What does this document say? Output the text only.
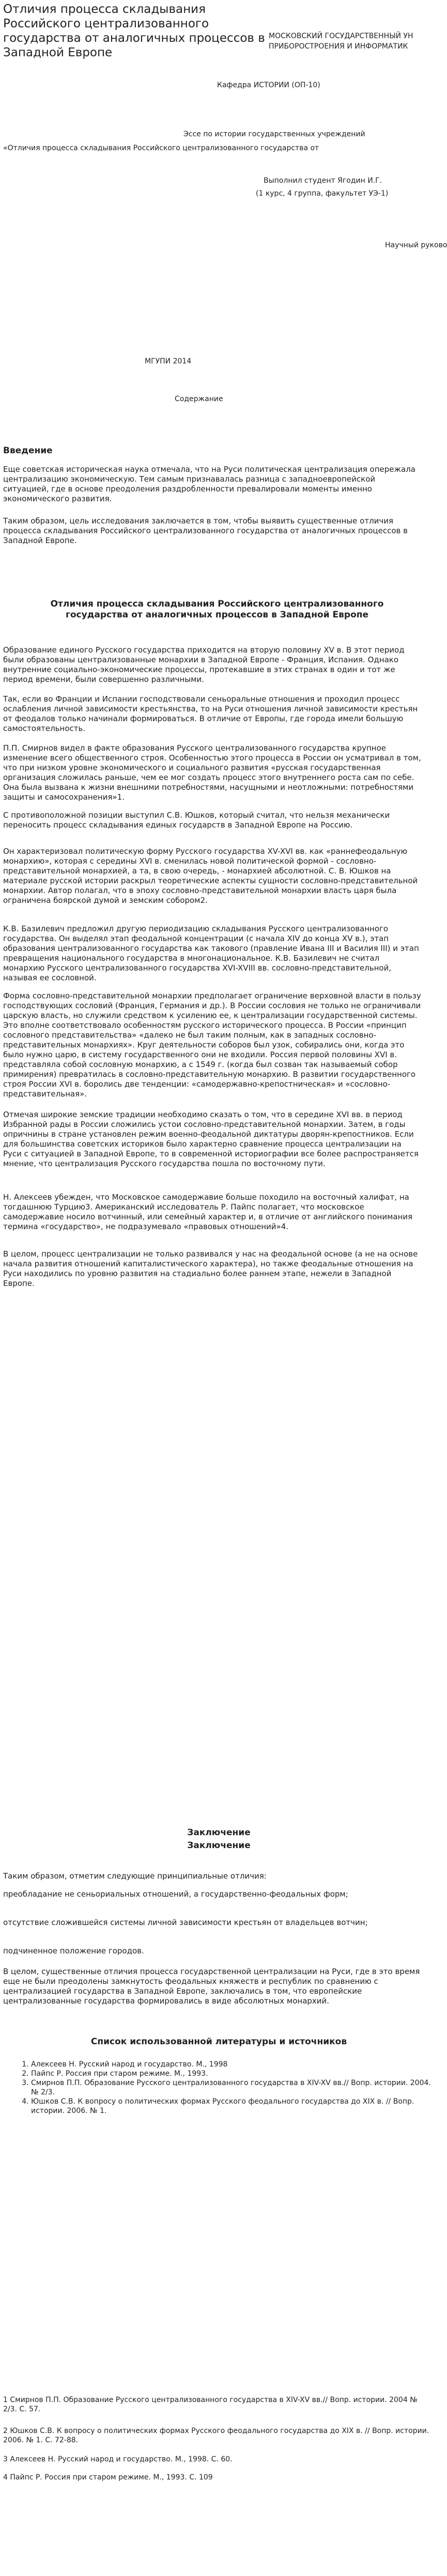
Отличия процесса складывания Российского централизованного государства от аналогичных процессов в Западной Европе
МОСКОВСКИЙ ГОСУДАРСТВЕННЫЙ УН
ПРИБОРОСТРОЕНИЯ И ИНФОРМАТИК
Кафедра ИСТОРИИ (ОП-10)
Эссе по истории государственных учреждений
«Отличия процесса складывания Российского централизованного государства от
Выполнил студент Ягодин И.Г.
(1 курс, 4 группа, факультет УЭ-1)
Научный руково
МГУПИ 2014
Содержание
Введение

Еще советская историческая наука отмечала, что на Руси политическая централизация опережала централизацию экономическую. Тем самым признавалась разница с западноевропейской ситуацией, где в основе преодоления раздробленности превалировали моменты именно экономического развития.

Таким образом, цель исследования заключается в том, чтобы выявить существенные отличия процесса складывания Российского централизованного государства от аналогичных процессов в Западной Европе.

Отличия процесса складывания Российского централизованного государства от аналогичных процессов в Западной Европе

Образование единого Русского государства приходится на вторую половину XV в. В этот период были образованы централизованные монархии в Западной Европе - Франция, Испания. Однако внутренние социально-экономические процессы, протекавшие в этих странах в один и тот же период времени, были совершенно различными.

Так, если во Франции и Испании господствовали сеньоральные отношения и проходил процесс ослабления личной зависимости крестьянства, то на Руси отношения личной зависимости крестьян от феодалов только начинали формироваться. В отличие от Европы, где города имели большую самостоятельность.

П.П. Смирнов видел в факте образования Русского централизованного государства крупное изменение всего общественного строя. Особенностью этого процесса в России он усматривал в том, что при низком уровне экономического и социального развития «русская государственная организация сложилась раньше, чем ее мог создать процесс этого внутреннего роста сам по себе. Она была вызвана к жизни внешними потребностями, насущными и неотложными: потребностями защиты и самосохранения»1.

С противоположной позиции выступил С.В. Юшков, который считал, что нельзя механически переносить процесс складывания единых государств в Западной Европе на Россию.

Он характеризовал политическую форму Русского государства XV-XVI вв. как «раннефеодальную монархию», которая с середины XVI в. сменилась новой политической формой - сословно-представительной монархией, а та, в свою очередь, - монархией абсолютной. С. В. Юшков на материале русской истории раскрыл теоретические аспекты сущности сословно-представительной монархии. Автор полагал, что в эпоху сословно-представительной монархии власть царя была ограничена боярской думой и земским собором2.

К.В. Базилевич предложил другую периодизацию складывания Русского централизованного государства. Он выделял этап феодальной концентрации (с начала XIV до конца XV в.), этап образования централизованного государства как такового (правление Ивана III и Василия III) и этап превращения национального государства в многонациональное. К.В. Базилевич не считал монархию Русского централизованного государства XVI-XVIII вв. сословно-представительной, называя ее сословной.

Форма сословно-представительной монархии предполагает ограничение верховной власти в пользу господствующих сословий (Франция, Германия и др.). В России сословия не только не ограничивали царскую власть, но служили средством к усилению ее, к централизации государственной системы. Это вполне соответствовало особенностям русского исторического процесса. В России «принцип сословного представительства» «далеко не был таким полным, как в западных сословно-представительных монархиях». Круг деятельности соборов был узок, собирались они, когда это было нужно царю, в систему государственного они не входили. Россия первой половины XVI в. представляла собой сословную монархию, а с 1549 г. (когда был созван так называемый собор примирения) превратилась в сословно-представительную монархию. В развитии государственного строя России XVI в. боролись две тенденции: «самодержавно-крепостническая» и «сословно-представительная».

Отмечая широкие земские традиции необходимо сказать о том, что в середине XVI вв. в период Избранной рады в России сложились устои сословно-представительной монархии. Затем, в годы опричнины в стране установлен режим военно-феодальной диктатуры дворян-крепостников. Если для большинства советских историков было характерно сравнение процесса централизации на Руси с ситуацией в Западной Европе, то в современной историографии все более распространяется мнение, что централизация Русского государства пошла по восточному пути.

Н. Алексеев убежден, что Московское самодержавие больше походило на восточный халифат, на тогдашнюю Турцию3. Американский исследователь Р. Пайпс полагает, что московское самодержавие носило вотчинный, или семейный характер и, в отличие от английского понимания термина «государство», не подразумевало «правовых отношений»4.

В целом, процесс централизации не только развивался у нас на феодальной основе (а не на основе начала развития отношений капиталистического характера), но также феодальные отношения на Руси находились по уровню развития на стадиально более раннем этапе, нежели в Западной Европе.

Заключение
Заключение

Таким образом, отметим следующие принципиальные отличия:

преобладание не сеньориальных отношений, а государственно-феодальных форм;

отсутствие сложившейся системы личной зависимости крестьян от владельцев вотчин;

подчиненное положение городов.

В целом, существенные отличия процесса государственной централизации на Руси, где в это время еще не были преодолены замкнутость феодальных княжеств и республик по сравнению с централизацией государства в Западной Европе, заключались в том, что европейские централизованные государства формировались в виде абсолютных монархий.

Список использованной литературы и источников
1. Алексеев Н. Русский народ и государство. М., 1998
2. Пайпс Р. Россия при старом режиме. М., 1993.
3. Смирнов П.П. Образование Русского централизованного государства в XIV-XV вв.// Вопр. истории. 2004. № 2/3.
4. Юшков С.В. К вопросу о политических формах Русского феодального государства до XIX в. // Вопр. истории. 2006. № 1.

1 Смирнов П.П. Образование Русского централизованного государства в XIV-XV вв.// Вопр. истории. 2004 № 2/3. С. 57.

2 Юшков С.В. К вопросу о политических формах Русского феодального государства до XIX в. // Вопр. истории. 2006. № 1. С. 72-88.

3 Алексеев Н. Русский народ и государство. М., 1998. С. 60.

4 Пайпс Р. Россия при старом режиме. М., 1993. С. 109
